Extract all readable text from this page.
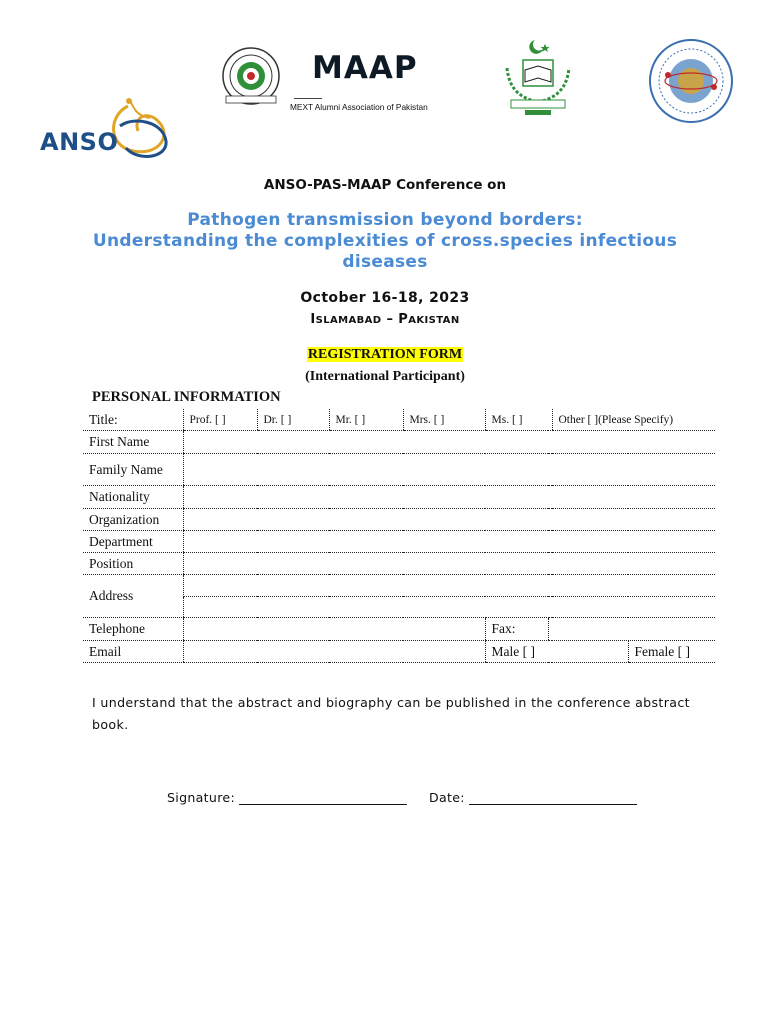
ANSO
MAAP
MEXT Alumni Association of Pakistan
ANSO-PAS-MAAP Conference on
Pathogen transmission beyond borders:
Understanding the complexities of cross.species infectious
diseases
October 16-18, 2023
ISLAMABAD – PAKISTAN
REGISTRATION FORM
(International Participant)
PERSONAL INFORMATION
Title:	Prof. [ ]	Dr. [ ]	Mr. [ ]	Mrs. [ ]	Ms. [ ]		Other [ ](Please Specify)	
First Name								
Family Name								
Nationality								
Organization								
Department								
Position								
Address								

Telephone					Fax:			
Email					Male [ ]			Female [ ]
I understand that the abstract and biography can be published in the conference abstract book.
Signature:	Date:
